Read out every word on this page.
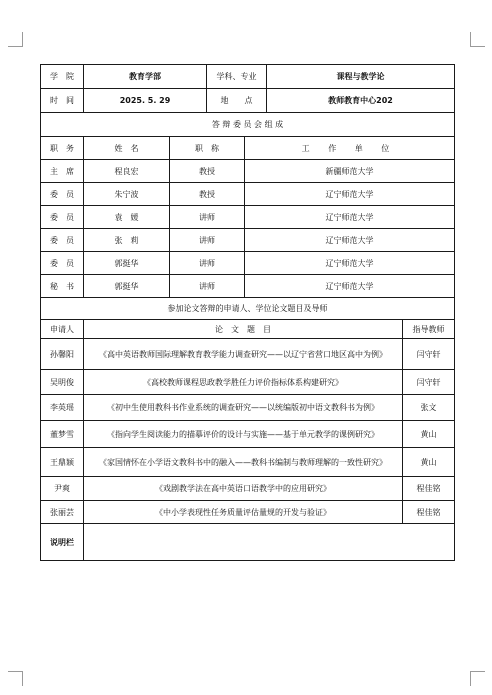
学　院	教育学部		学科、专业		课程与教学论	
时　间	2025. 5. 29		地　　点		教师教育中心202	
答 辩 委 员 会 组 成						
职　务	姓　名	职　称		工 作 单 位		
主　席	程良宏	教授		新疆师范大学		
委　员	朱宁波	教授		辽宁师范大学		
委　员	袁　媛	讲师		辽宁师范大学		
委　员	张　莉	讲师		辽宁师范大学		
委　员	郭挺华	讲师		辽宁师范大学		
秘　书	郭挺华	讲师		辽宁师范大学		
参加论文答辩的申请人、学位论文题目及导师						
申请人	论　文　题　目					指导教师
孙馨阳	《高中英语教师国际理解教育教学能力调查研究——以辽宁省营口地区高中为例》					闫守轩
吴明俊	《高校教师课程思政教学胜任力评价指标体系构建研究》					闫守轩
李英瑶	《初中生使用教科书作业系统的调查研究——以统编版初中语文教科书为例》					张文
董梦雪	《指向学生阅读能力的描摹评价的设计与实施——基于单元教学的课例研究》					黄山
王鼎颖	《家国情怀在小学语文教科书中的融入——教科书编制与教师理解的一致性研究》					黄山
尹爽	《戏剧教学法在高中英语口语教学中的应用研究》					程佳铭
张丽芸	《中小学表现性任务质量评估量规的开发与验证》					程佳铭
说明栏						
